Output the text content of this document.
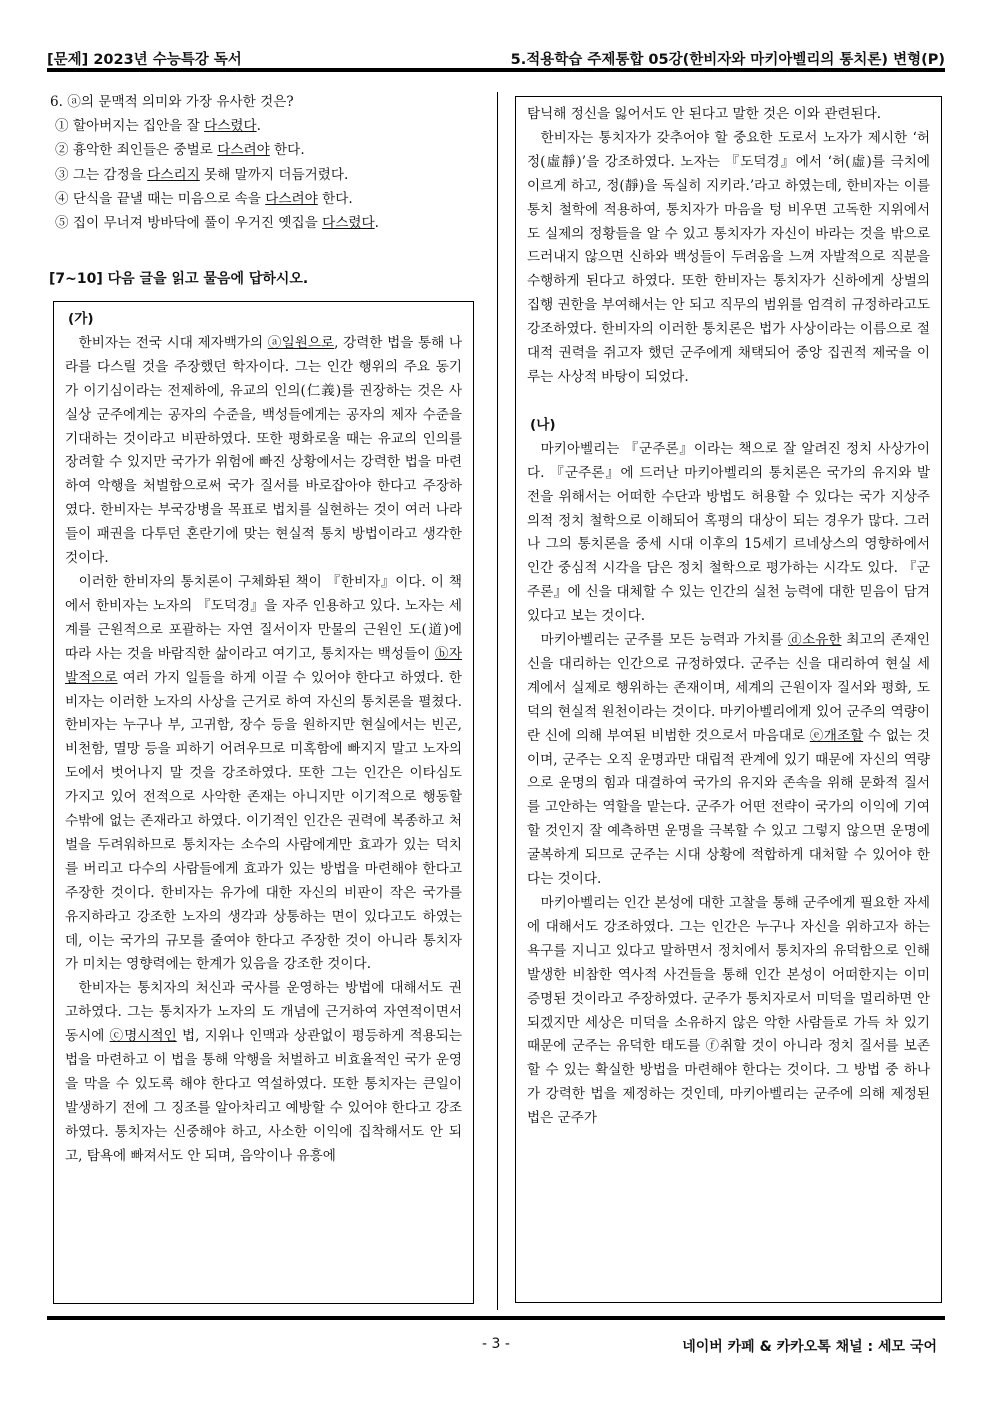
[문제] 2023년 수능특강 독서	5.적용학습 주제통합 05강(한비자와 마키아벨리의 통치론) 변형(P)
6. ⓐ의 문맥적 의미와 가장 유사한 것은?
① 할아버지는 집안을 잘 다스렸다.
② 흉악한 죄인들은 중벌로 다스려야 한다.
③ 그는 감정을 다스리지 못해 말까지 더듬거렸다.
④ 단식을 끝낼 때는 미음으로 속을 다스려야 한다.
⑤ 집이 무너져 방바닥에 풀이 우거진 옛집을 다스렸다.
[7~10] 다음 글을 읽고 물음에 답하시오.
(가)

한비자는 전국 시대 제자백가의 ⓐ일원으로, 강력한 법을 통해 나라를 다스릴 것을 주장했던 학자이다. 그는 인간 행위의 주요 동기가 이기심이라는 전제하에, 유교의 인의(仁義)를 권장하는 것은 사실상 군주에게는 공자의 수준을, 백성들에게는 공자의 제자 수준을 기대하는 것이라고 비판하였다. 또한 평화로울 때는 유교의 인의를 장려할 수 있지만 국가가 위험에 빠진 상황에서는 강력한 법을 마련하여 악행을 처벌함으로써 국가 질서를 바로잡아야 한다고 주장하였다. 한비자는 부국강병을 목표로 법치를 실현하는 것이 여러 나라들이 패권을 다투던 혼란기에 맞는 현실적 통치 방법이라고 생각한 것이다.

이러한 한비자의 통치론이 구체화된 책이 『한비자』이다. 이 책에서 한비자는 노자의 『도덕경』을 자주 인용하고 있다. 노자는 세계를 근원적으로 포괄하는 자연 질서이자 만물의 근원인 도(道)에 따라 사는 것을 바람직한 삶이라고 여기고, 통치자는 백성들이 ⓑ자발적으로 여러 가지 일들을 하게 이끌 수 있어야 한다고 하였다. 한비자는 이러한 노자의 사상을 근거로 하여 자신의 통치론을 펼쳤다. 한비자는 누구나 부, 고귀함, 장수 등을 원하지만 현실에서는 빈곤, 비천함, 멸망 등을 피하기 어려우므로 미혹함에 빠지지 말고 노자의 도에서 벗어나지 말 것을 강조하였다. 또한 그는 인간은 이타심도 가지고 있어 전적으로 사악한 존재는 아니지만 이기적으로 행동할 수밖에 없는 존재라고 하였다. 이기적인 인간은 권력에 복종하고 처벌을 두려워하므로 통치자는 소수의 사람에게만 효과가 있는 덕치를 버리고 다수의 사람들에게 효과가 있는 방법을 마련해야 한다고 주장한 것이다. 한비자는 유가에 대한 자신의 비판이 작은 국가를 유지하라고 강조한 노자의 생각과 상통하는 면이 있다고도 하였는데, 이는 국가의 규모를 줄여야 한다고 주장한 것이 아니라 통치자가 미치는 영향력에는 한계가 있음을 강조한 것이다.

한비자는 통치자의 처신과 국사를 운영하는 방법에 대해서도 권고하였다. 그는 통치자가 노자의 도 개념에 근거하여 자연적이면서 동시에 ⓒ명시적인 법, 지위나 인맥과 상관없이 평등하게 적용되는 법을 마련하고 이 법을 통해 악행을 처벌하고 비효율적인 국가 운영을 막을 수 있도록 해야 한다고 역설하였다. 또한 통치자는 큰일이 발생하기 전에 그 징조를 알아차리고 예방할 수 있어야 한다고 강조하였다. 통치자는 신중해야 하고, 사소한 이익에 집착해서도 안 되고, 탐욕에 빠져서도 안 되며, 음악이나 유흥에

탐닉해 정신을 잃어서도 안 된다고 말한 것은 이와 관련된다.

한비자는 통치자가 갖추어야 할 중요한 도로서 노자가 제시한 ‘허정(虛靜)’을 강조하였다. 노자는 『도덕경』에서 ‘허(虛)를 극치에 이르게 하고, 정(靜)을 독실히 지키라.’라고 하였는데, 한비자는 이를 통치 철학에 적용하여, 통치자가 마음을 텅 비우면 고독한 지위에서도 실제의 정황들을 알 수 있고 통치자가 자신이 바라는 것을 밖으로 드러내지 않으면 신하와 백성들이 두려움을 느껴 자발적으로 직분을 수행하게 된다고 하였다. 또한 한비자는 통치자가 신하에게 상벌의 집행 권한을 부여해서는 안 되고 직무의 범위를 엄격히 규정하라고도 강조하였다. 한비자의 이러한 통치론은 법가 사상이라는 이름으로 절대적 권력을 쥐고자 했던 군주에게 채택되어 중앙 집권적 제국을 이루는 사상적 바탕이 되었다.

(나)

마키아벨리는 『군주론』이라는 책으로 잘 알려진 정치 사상가이다. 『군주론』에 드러난 마키아벨리의 통치론은 국가의 유지와 발전을 위해서는 어떠한 수단과 방법도 허용할 수 있다는 국가 지상주의적 정치 철학으로 이해되어 혹평의 대상이 되는 경우가 많다. 그러나 그의 통치론을 중세 시대 이후의 15세기 르네상스의 영향하에서 인간 중심적 시각을 담은 정치 철학으로 평가하는 시각도 있다. 『군주론』에 신을 대체할 수 있는 인간의 실천 능력에 대한 믿음이 담겨 있다고 보는 것이다.

마키아벨리는 군주를 모든 능력과 가치를 ⓓ소유한 최고의 존재인 신을 대리하는 인간으로 규정하였다. 군주는 신을 대리하여 현실 세계에서 실제로 행위하는 존재이며, 세계의 근원이자 질서와 평화, 도덕의 현실적 원천이라는 것이다. 마키아벨리에게 있어 군주의 역량이란 신에 의해 부여된 비범한 것으로서 마음대로 ⓔ개조할 수 없는 것이며, 군주는 오직 운명과만 대립적 관계에 있기 때문에 자신의 역량으로 운명의 힘과 대결하여 국가의 유지와 존속을 위해 문화적 질서를 고안하는 역할을 맡는다. 군주가 어떤 전략이 국가의 이익에 기여할 것인지 잘 예측하면 운명을 극복할 수 있고 그렇지 않으면 운명에 굴복하게 되므로 군주는 시대 상황에 적합하게 대처할 수 있어야 한다는 것이다.

마키아벨리는 인간 본성에 대한 고찰을 통해 군주에게 필요한 자세에 대해서도 강조하였다. 그는 인간은 누구나 자신을 위하고자 하는 욕구를 지니고 있다고 말하면서 정치에서 통치자의 유덕함으로 인해 발생한 비참한 역사적 사건들을 통해 인간 본성이 어떠한지는 이미 증명된 것이라고 주장하였다. 군주가 통치자로서 미덕을 멀리하면 안 되겠지만 세상은 미덕을 소유하지 않은 악한 사람들로 가득 차 있기 때문에 군주는 유덕한 태도를 ⓕ취할 것이 아니라 정치 질서를 보존할 수 있는 확실한 방법을 마련해야 한다는 것이다. 그 방법 중 하나가 강력한 법을 제정하는 것인데, 마키아벨리는 군주에 의해 제정된 법은 군주가

- 3 -	네이버 카페 & 카카오톡 채널 : 세모 국어
